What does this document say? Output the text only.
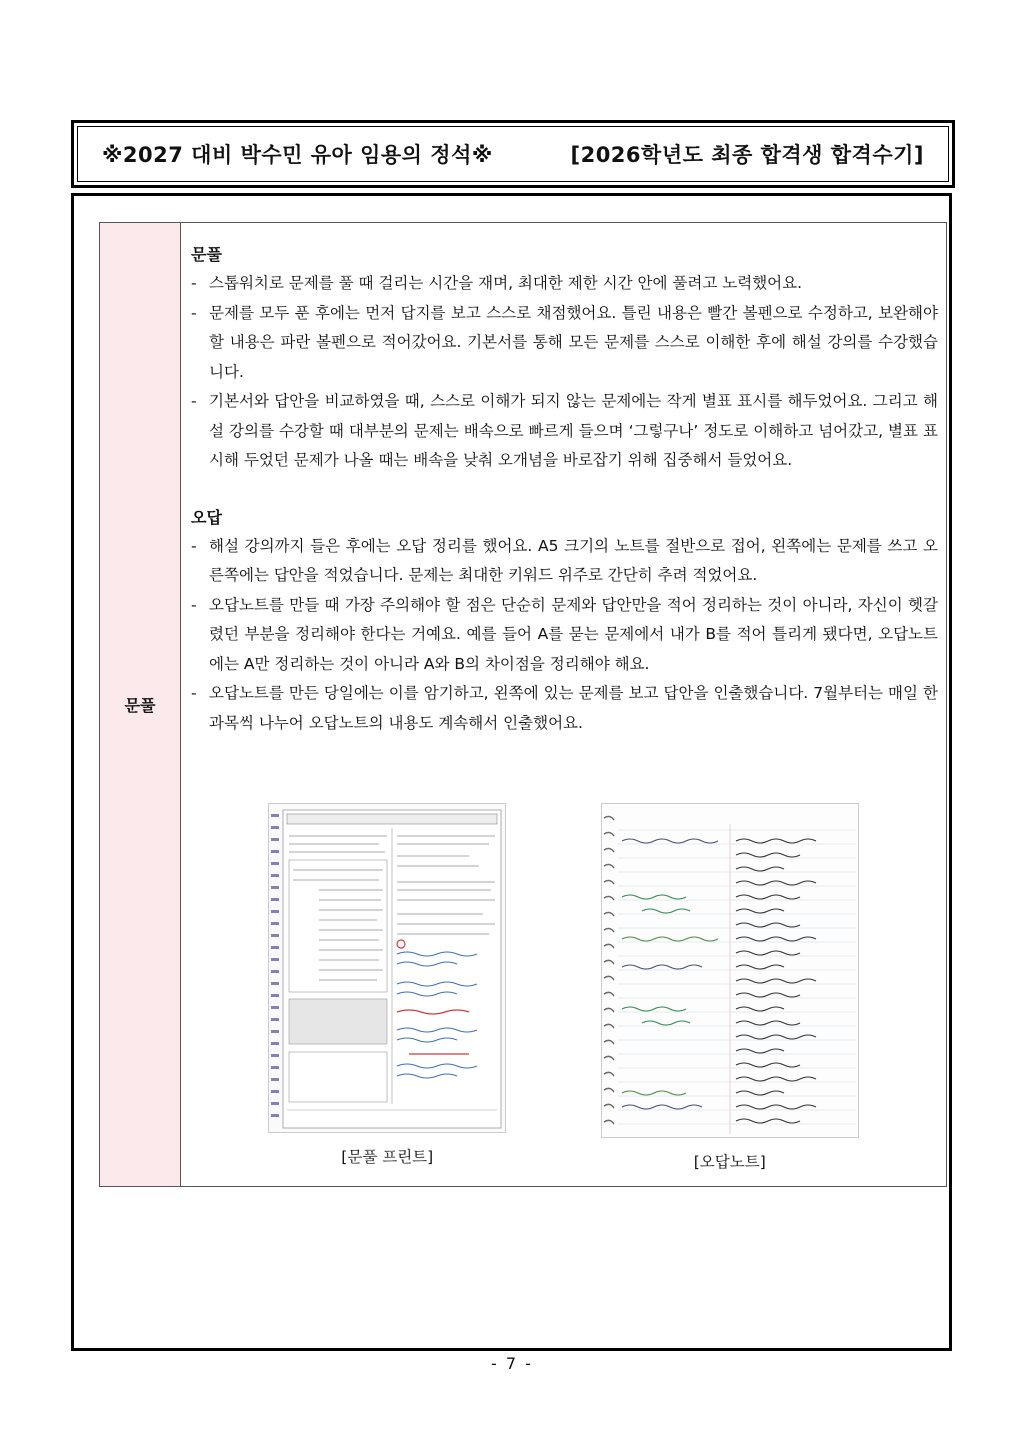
※2027 대비 박수민 유아 임용의 정석※	[2026학년도 최종 합격생 합격수기]
문풀
문풀
- 스톱워치로 문제를 풀 때 걸리는 시간을 재며, 최대한 제한 시간 안에 풀려고 노력했어요.
- 문제를 모두 푼 후에는 먼저 답지를 보고 스스로 채점했어요. 틀린 내용은 빨간 볼펜으로 수정하고, 보완해야 할 내용은 파란 볼펜으로 적어갔어요. 기본서를 통해 모든 문제를 스스로 이해한 후에 해설 강의를 수강했습니다.
- 기본서와 답안을 비교하였을 때, 스스로 이해가 되지 않는 문제에는 작게 별표 표시를 해두었어요. 그리고 해설 강의를 수강할 때 대부분의 문제는 배속으로 빠르게 들으며 ‘그렇구나’ 정도로 이해하고 넘어갔고, 별표 표시해 두었던 문제가 나올 때는 배속을 낮춰 오개념을 바로잡기 위해 집중해서 들었어요.
오답
- 해설 강의까지 들은 후에는 오답 정리를 했어요. A5 크기의 노트를 절반으로 접어, 왼쪽에는 문제를 쓰고 오른쪽에는 답안을 적었습니다. 문제는 최대한 키워드 위주로 간단히 추려 적었어요.
- 오답노트를 만들 때 가장 주의해야 할 점은 단순히 문제와 답안만을 적어 정리하는 것이 아니라, 자신이 헷갈렸던 부분을 정리해야 한다는 거예요. 예를 들어 A를 묻는 문제에서 내가 B를 적어 틀리게 됐다면, 오답노트에는 A만 정리하는 것이 아니라 A와 B의 차이점을 정리해야 해요.
- 오답노트를 만든 당일에는 이를 암기하고, 왼쪽에 있는 문제를 보고 답안을 인출했습니다. 7월부터는 매일 한 과목씩 나누어 오답노트의 내용도 계속해서 인출했어요.
[문풀 프린트]	[오답노트]
- 7 -
